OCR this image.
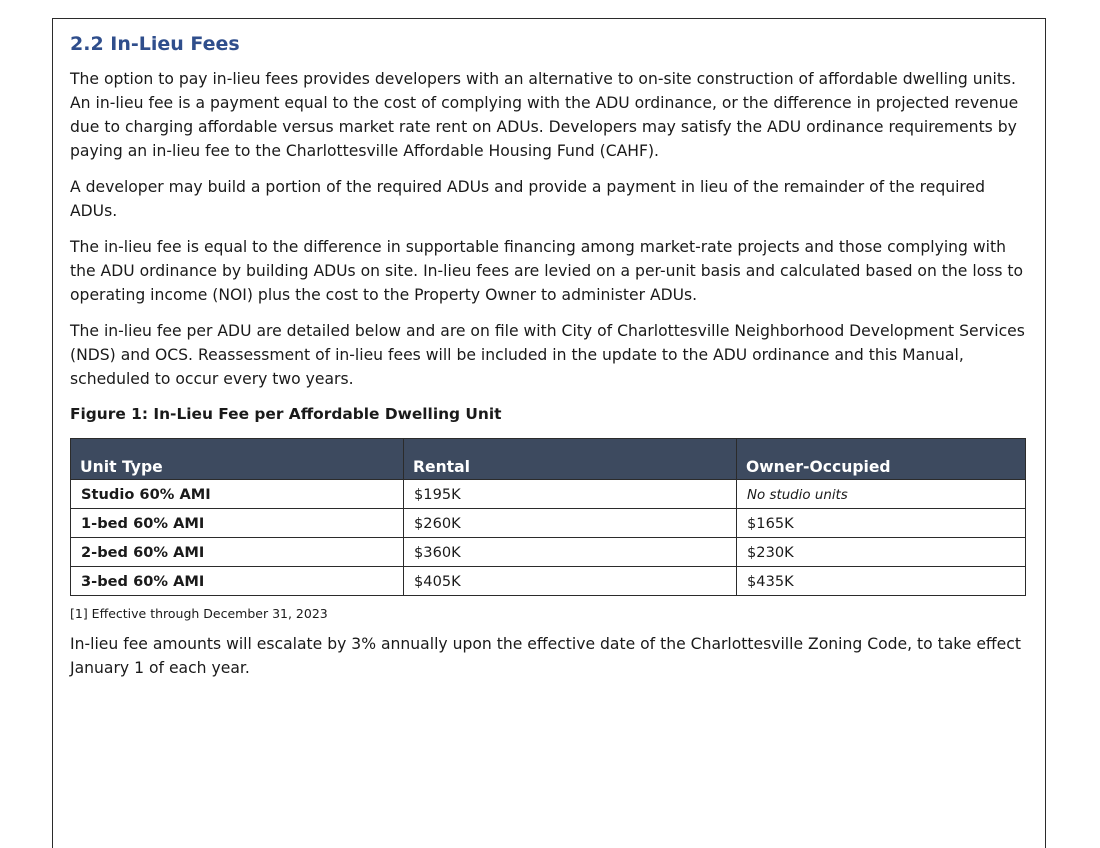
2.2 In-Lieu Fees

The option to pay in-lieu fees provides developers with an alternative to on-site construction of affordable dwelling units. An in-lieu fee is a payment equal to the cost of complying with the ADU ordinance, or the difference in projected revenue due to charging affordable versus market rate rent on ADUs. Developers may satisfy the ADU ordinance requirements by paying an in-lieu fee to the Charlottesville Affordable Housing Fund (CAHF).

A developer may build a portion of the required ADUs and provide a payment in lieu of the remainder of the required ADUs.

The in-lieu fee is equal to the difference in supportable financing among market-rate projects and those complying with the ADU ordinance by building ADUs on site. In-lieu fees are levied on a per-unit basis and calculated based on the loss to operating income (NOI) plus the cost to the Property Owner to administer ADUs.

The in-lieu fee per ADU are detailed below and are on file with City of Charlottesville Neighborhood Development Services (NDS) and OCS. Reassessment of in-lieu fees will be included in the update to the ADU ordinance and this Manual, scheduled to occur every two years.

Figure 1: In-Lieu Fee per Affordable Dwelling Unit
Unit Type	Rental	Owner-Occupied
Studio 60% AMI	$195K	No studio units
1-bed 60% AMI	$260K	$165K
2-bed 60% AMI	$360K	$230K
3-bed 60% AMI	$405K	$435K
[1] Effective through December 31, 2023

In-lieu fee amounts will escalate by 3% annually upon the effective date of the Charlottesville Zoning Code, to take effect January 1 of each year.
